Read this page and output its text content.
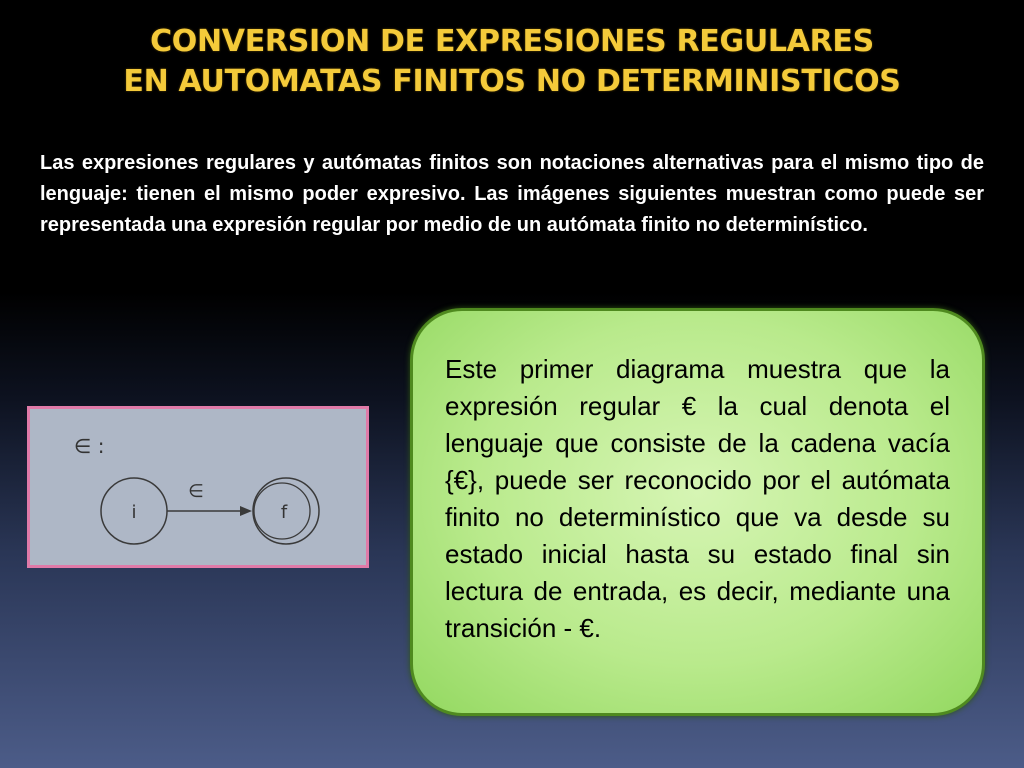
CONVERSION DE EXPRESIONES REGULARES
EN AUTOMATAS FINITOS NO DETERMINISTICOS
Las expresiones regulares y autómatas finitos son notaciones alternativas para el mismo tipo de lenguaje: tienen el mismo poder expresivo. Las imágenes siguientes muestran como puede ser representada una expresión regular por medio de un autómata finito no determinístico.
∈ :
i
∈
f
Este primer diagrama muestra que la expresión regular € la cual denota el lenguaje que consiste de la cadena vacía {€}, puede ser reconocido por el autómata finito no determinístico que va desde su estado inicial hasta su estado final sin lectura de entrada, es decir, mediante una transición - €.
